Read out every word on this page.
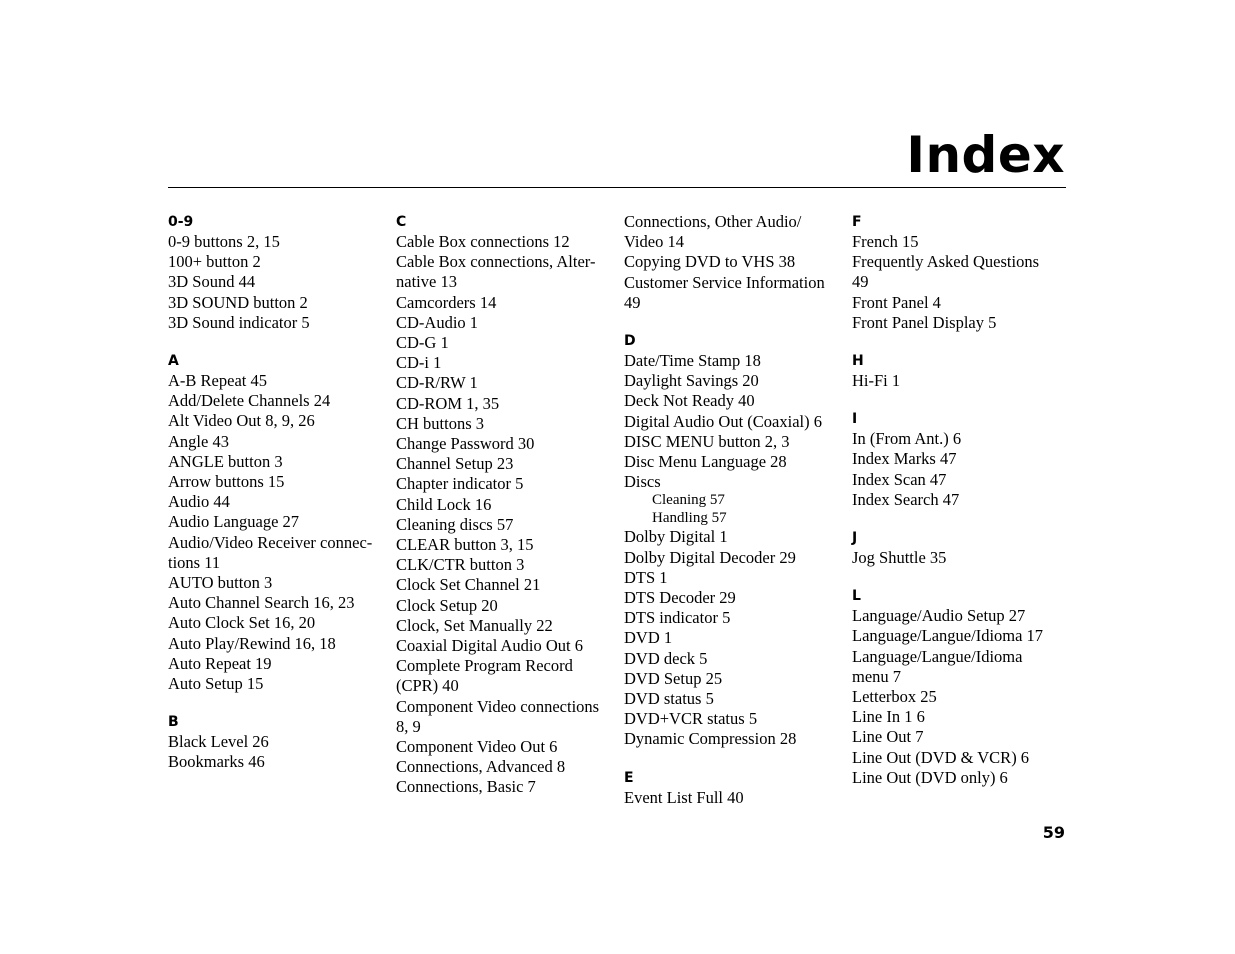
Index
0-9
0-9 buttons 2, 15
100+ button 2
3D Sound 44
3D SOUND button 2
3D Sound indicator 5
A
A-B Repeat 45
Add/Delete Channels 24
Alt Video Out 8, 9, 26
Angle 43
ANGLE button 3
Arrow buttons 15
Audio 44
Audio Language 27
Audio/Video Receiver connec-
tions 11
AUTO button 3
Auto Channel Search 16, 23
Auto Clock Set 16, 20
Auto Play/Rewind 16, 18
Auto Repeat 19
Auto Setup 15
B
Black Level 26
Bookmarks 46
C
Cable Box connections 12
Cable Box connections, Alter-
native 13
Camcorders 14
CD-Audio 1
CD-G 1
CD-i 1
CD-R/RW 1
CD-ROM 1, 35
CH buttons 3
Change Password 30
Channel Setup 23
Chapter indicator 5
Child Lock 16
Cleaning discs 57
CLEAR button 3, 15
CLK/CTR button 3
Clock Set Channel 21
Clock Setup 20
Clock, Set Manually 22
Coaxial Digital Audio Out 6
Complete Program Record
(CPR) 40
Component Video connections
8, 9
Component Video Out 6
Connections, Advanced 8
Connections, Basic 7
Connections, Other Audio/
Video 14
Copying DVD to VHS 38
Customer Service Information
49
D
Date/Time Stamp 18
Daylight Savings 20
Deck Not Ready 40
Digital Audio Out (Coaxial) 6
DISC MENU button 2, 3
Disc Menu Language 28
Discs
Cleaning 57
Handling 57
Dolby Digital 1
Dolby Digital Decoder 29
DTS 1
DTS Decoder 29
DTS indicator 5
DVD 1
DVD deck 5
DVD Setup 25
DVD status 5
DVD+VCR status 5
Dynamic Compression 28
E
Event List Full 40
F
French 15
Frequently Asked Questions
49
Front Panel 4
Front Panel Display 5
H
Hi-Fi 1
I
In (From Ant.) 6
Index Marks 47
Index Scan 47
Index Search 47
J
Jog Shuttle 35
L
Language/Audio Setup 27
Language/Langue/Idioma 17
Language/Langue/Idioma
menu 7
Letterbox 25
Line In 1 6
Line Out 7
Line Out (DVD & VCR) 6
Line Out (DVD only) 6
59
